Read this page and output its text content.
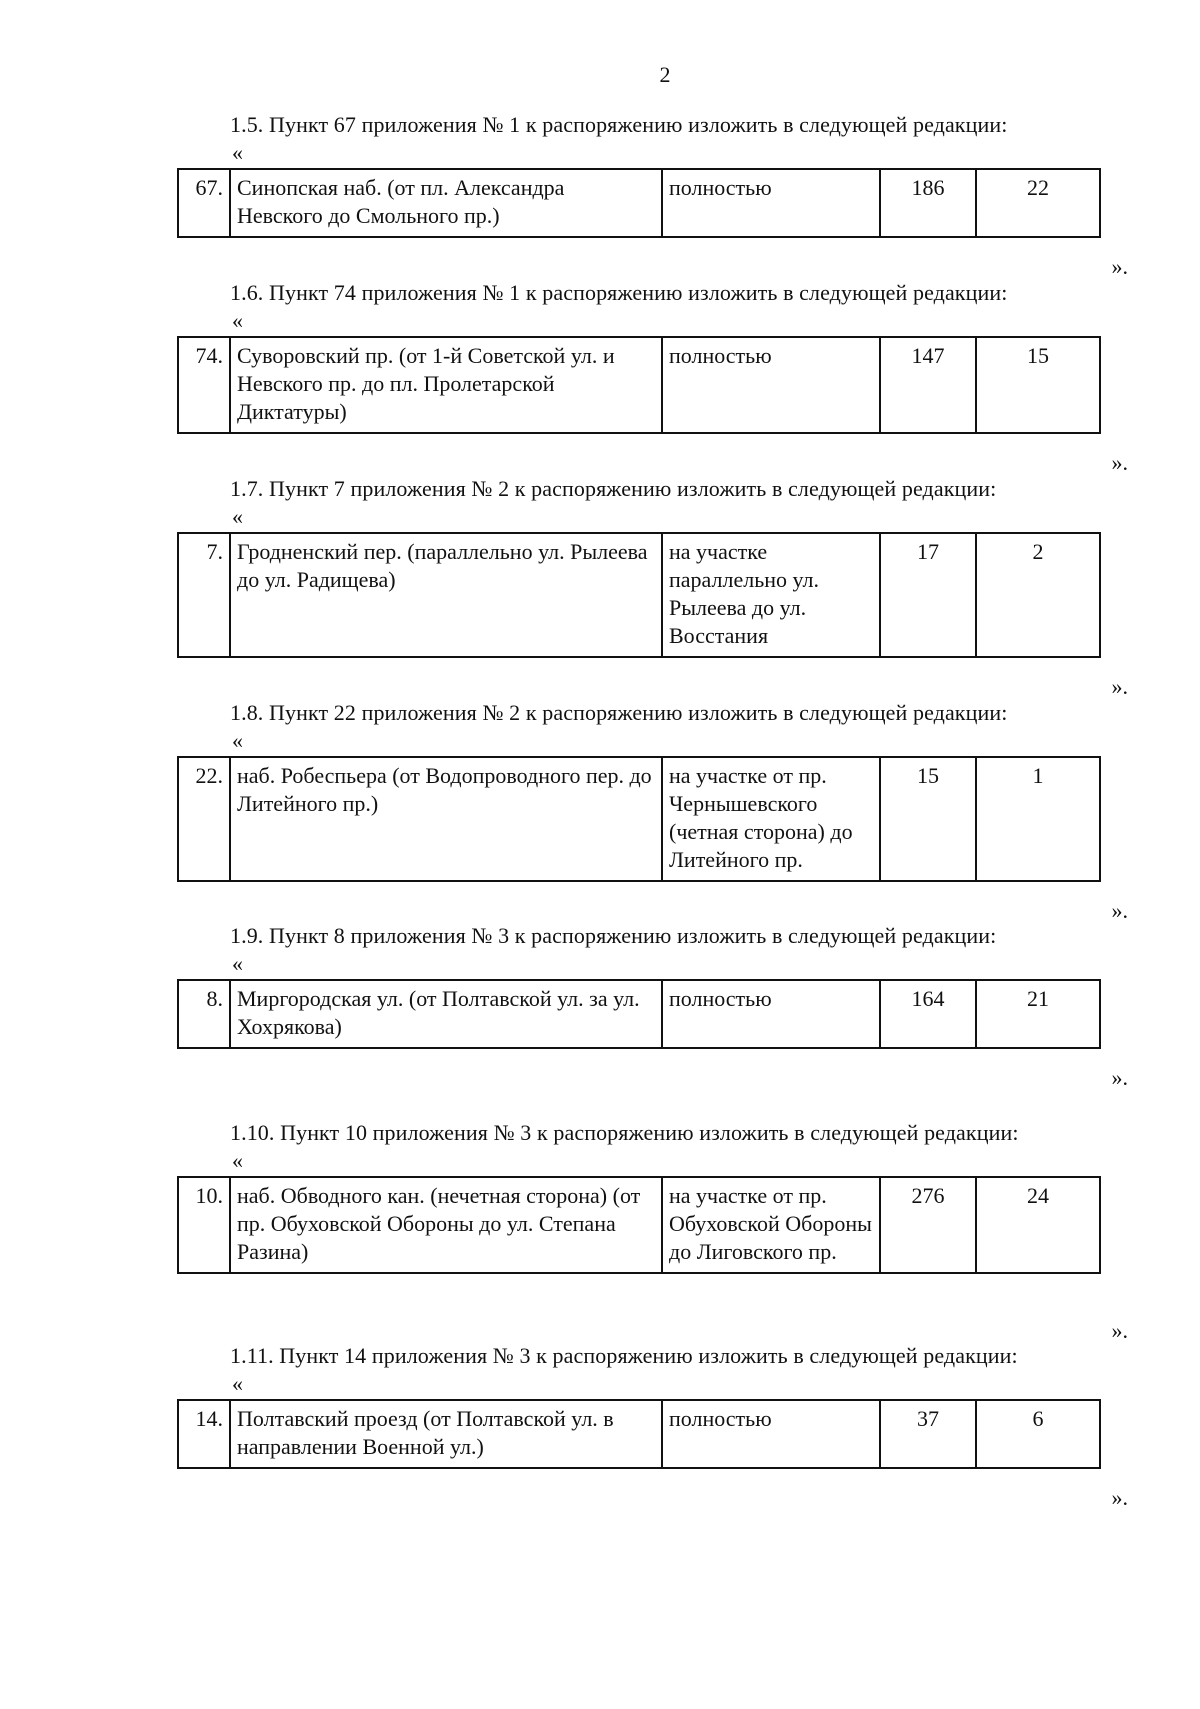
2
1.5. Пункт 67 приложения № 1 к распоряжению изложить в следующей редакции:
«
67.	Синопская наб. (от пл. Александра Невского до Смольного пр.)	полностью	186	22
».
1.6. Пункт 74 приложения № 1 к распоряжению изложить в следующей редакции:
«
74.	Суворовский пр. (от 1-й Советской ул. и Невского пр. до пл. Пролетарской Диктатуры)	полностью	147	15
».
1.7. Пункт 7 приложения № 2 к распоряжению изложить в следующей редакции:
«
7.	Гродненский пер. (параллельно ул. Рылеева до ул. Радищева)	на участке параллельно ул. Рылеева до ул. Восстания	17	2
».
1.8. Пункт 22 приложения № 2 к распоряжению изложить в следующей редакции:
«
22.	наб. Робеспьера (от Водопроводного пер. до Литейного пр.)	на участке от пр. Чернышевского (четная сторона) до Литейного пр.	15	1
».
1.9. Пункт 8 приложения № 3 к распоряжению изложить в следующей редакции:
«
8.	Миргородская ул. (от Полтавской ул. за ул. Хохрякова)	полностью	164	21
».
1.10. Пункт 10 приложения № 3 к распоряжению изложить в следующей редакции:
«
10.	наб. Обводного кан. (нечетная сторона) (от пр. Обуховской Обороны до ул. Степана Разина)	на участке от пр. Обуховской Обороны до Лиговского пр.	276	24
».
1.11. Пункт 14 приложения № 3 к распоряжению изложить в следующей редакции:
«
14.	Полтавский проезд (от Полтавской ул. в направлении Военной ул.)	полностью	37	6
».
